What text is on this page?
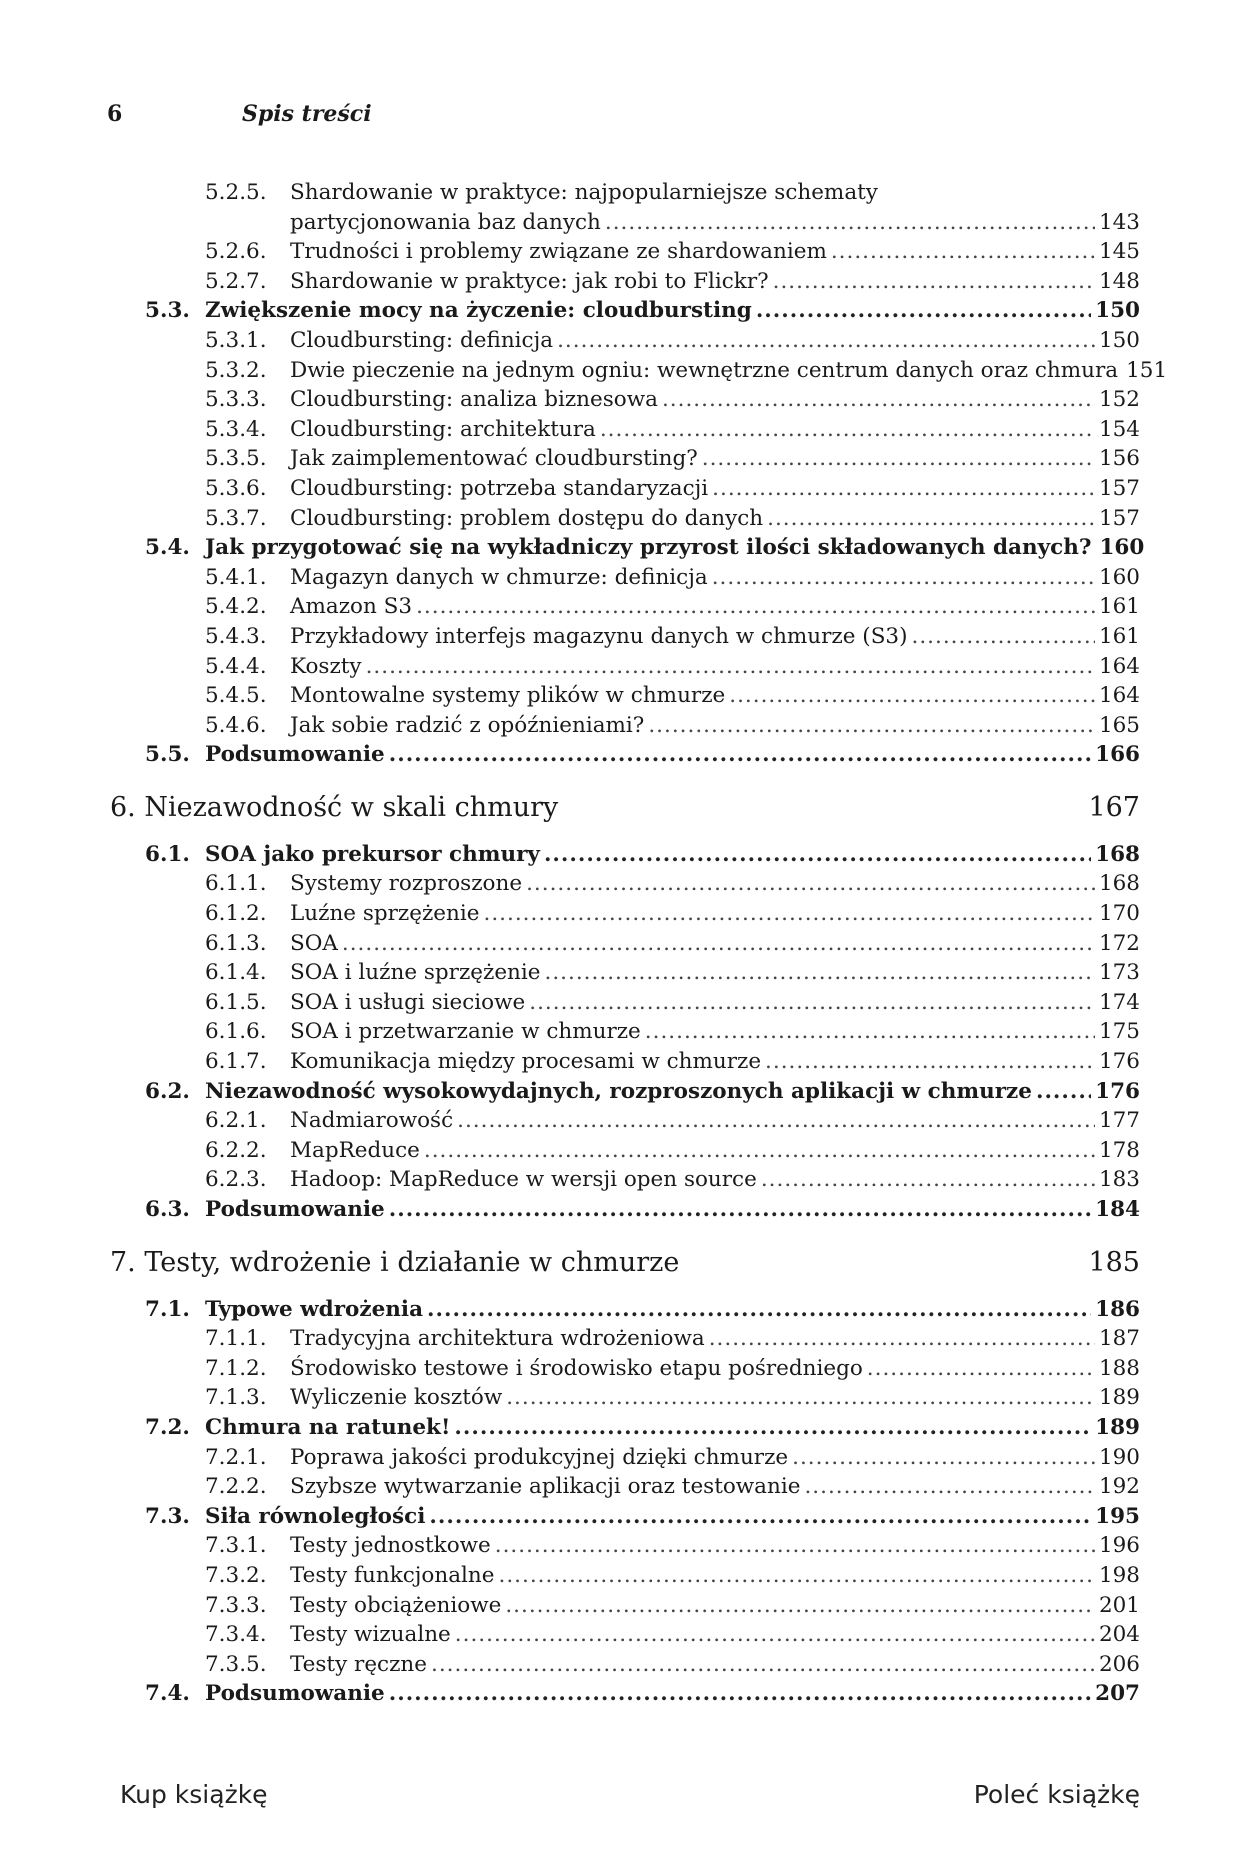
6	Spis treści
5.2.5. Shardowanie w praktyce: najpopularniejsze schematy
partycjonowania baz danych .....	143
5.2.6. Trudności i problemy związane ze shardowaniem .....	145
5.2.7. Shardowanie w praktyce: jak robi to Flickr? .....	148
5.3. Zwiększenie mocy na życzenie: cloudbursting .....	150
5.3.1. Cloudbursting: definicja .....	150
5.3.2. Dwie pieczenie na jednym ogniu: wewnętrzne centrum danych oraz chmura 151
5.3.3. Cloudbursting: analiza biznesowa .....	152
5.3.4. Cloudbursting: architektura .....	154
5.3.5. Jak zaimplementować cloudbursting? .....	156
5.3.6. Cloudbursting: potrzeba standaryzacji .....	157
5.3.7. Cloudbursting: problem dostępu do danych .....	157
5.4. Jak przygotować się na wykładniczy przyrost ilości składowanych danych? 160
5.4.1. Magazyn danych w chmurze: definicja .....	160
5.4.2. Amazon S3 .....	161
5.4.3. Przykładowy interfejs magazynu danych w chmurze (S3) .....	161
5.4.4. Koszty .....	164
5.4.5. Montowalne systemy plików w chmurze .....	164
5.4.6. Jak sobie radzić z opóźnieniami? .....	165
5.5. Podsumowanie .....	166
6. Niezawodność w skali chmury	167
6.1. SOA jako prekursor chmury .....	168
6.1.1. Systemy rozproszone .....	168
6.1.2. Luźne sprzężenie .....	170
6.1.3. SOA .....	172
6.1.4. SOA i luźne sprzężenie .....	173
6.1.5. SOA i usługi sieciowe .....	174
6.1.6. SOA i przetwarzanie w chmurze .....	175
6.1.7. Komunikacja między procesami w chmurze .....	176
6.2. Niezawodność wysokowydajnych, rozproszonych aplikacji w chmurze .....	176
6.2.1. Nadmiarowość .....	177
6.2.2. MapReduce .....	178
6.2.3. Hadoop: MapReduce w wersji open source .....	183
6.3. Podsumowanie .....	184
7. Testy, wdrożenie i działanie w chmurze	185
7.1. Typowe wdrożenia .....	186
7.1.1. Tradycyjna architektura wdrożeniowa .....	187
7.1.2. Środowisko testowe i środowisko etapu pośredniego .....	188
7.1.3. Wyliczenie kosztów .....	189
7.2. Chmura na ratunek! .....	189
7.2.1. Poprawa jakości produkcyjnej dzięki chmurze .....	190
7.2.2. Szybsze wytwarzanie aplikacji oraz testowanie .....	192
7.3. Siła równoległości .....	195
7.3.1. Testy jednostkowe .....	196
7.3.2. Testy funkcjonalne .....	198
7.3.3. Testy obciążeniowe .....	201
7.3.4. Testy wizualne .....	204
7.3.5. Testy ręczne .....	206
7.4. Podsumowanie .....	207
Kup książkę	Poleć książkę
